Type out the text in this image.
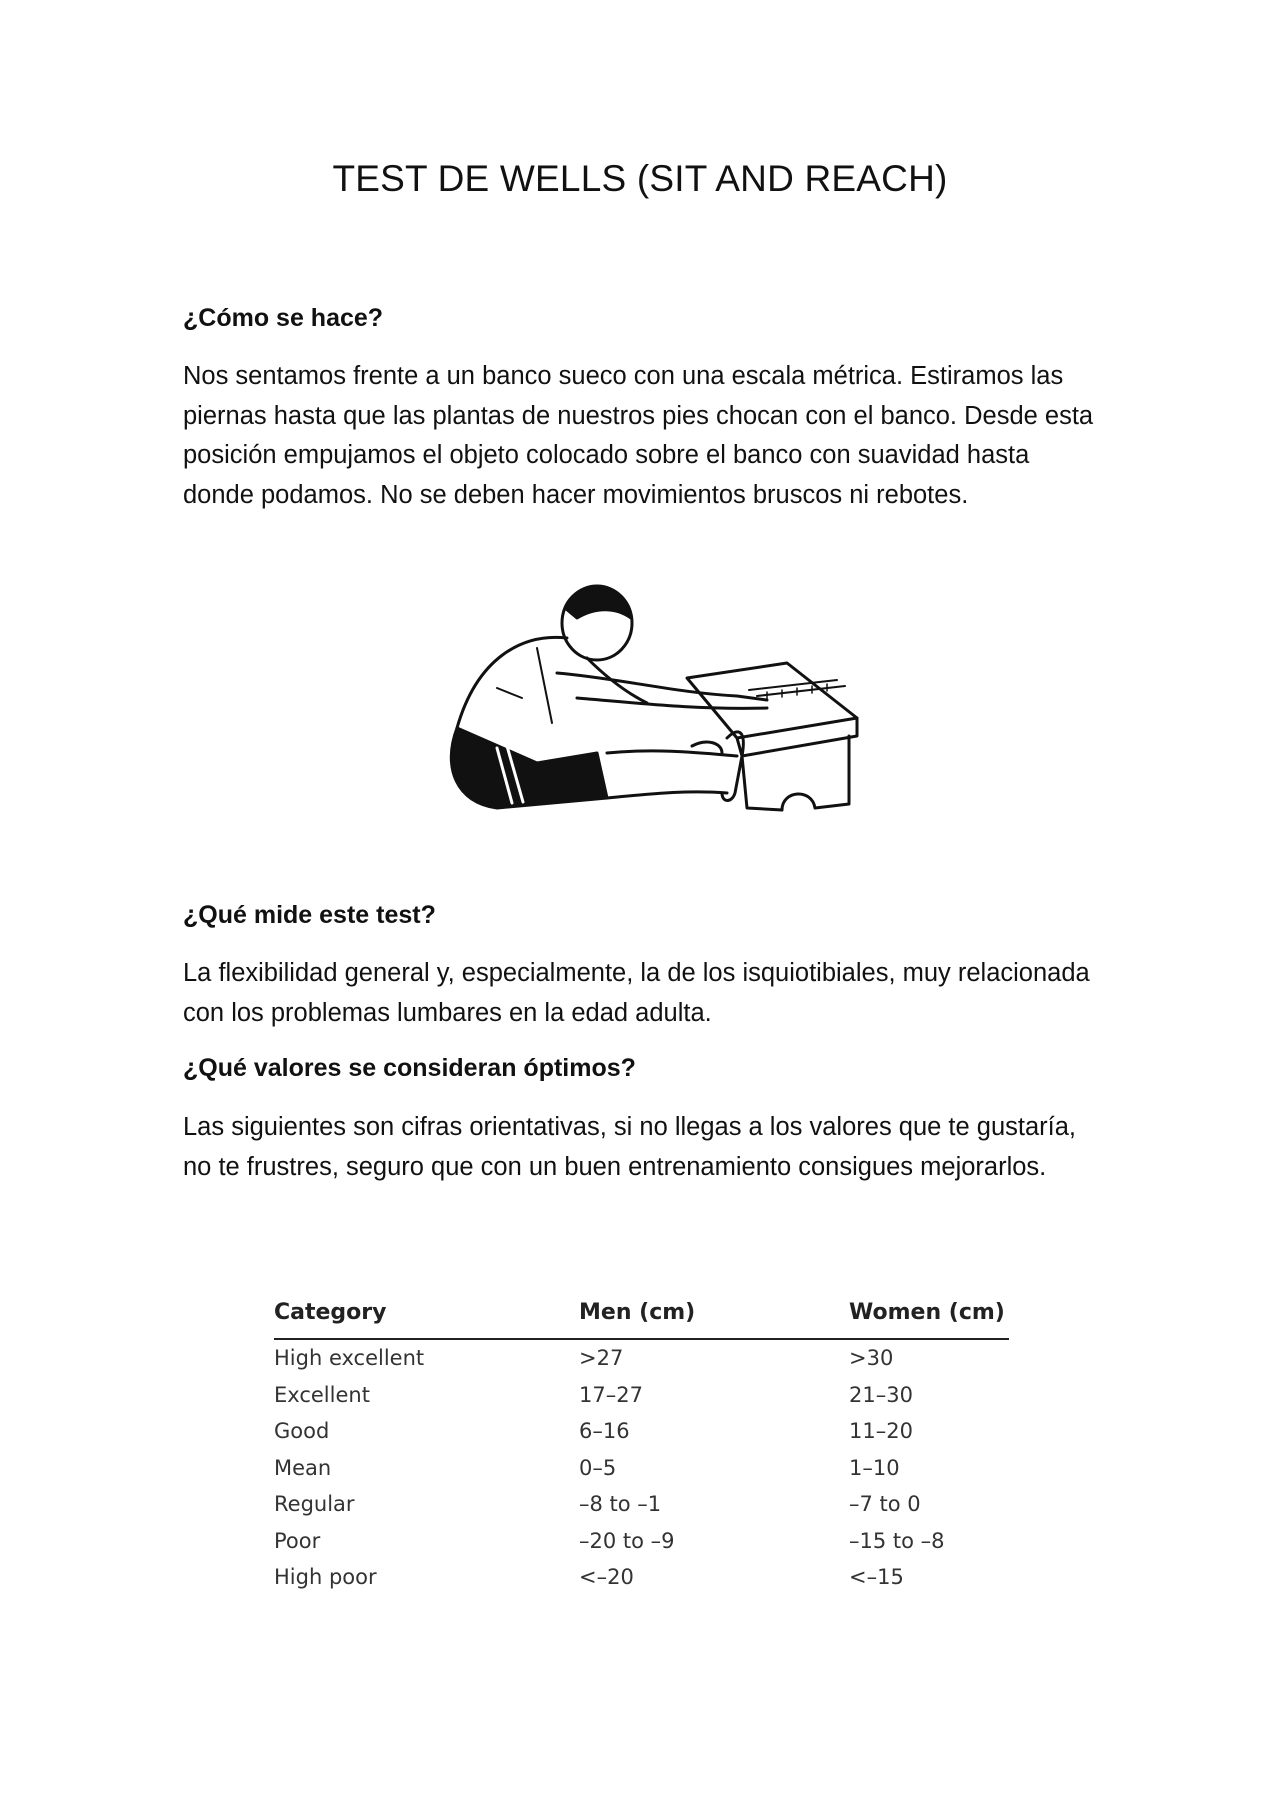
TEST DE WELLS (SIT AND REACH)
¿Cómo se hace?
Nos sentamos frente a un banco sueco con una escala métrica. Estiramos las piernas hasta que las plantas de nuestros pies chocan con el banco. Desde esta posición empujamos el objeto colocado sobre el banco con suavidad hasta donde podamos. No se deben hacer movimientos bruscos ni rebotes.
¿Qué mide este test?
La flexibilidad general y, especialmente, la de los isquiotibiales, muy relacionada con los problemas lumbares en la edad adulta.
¿Qué valores se consideran óptimos?
Las siguientes son cifras orientativas, si no llegas a los valores que te gustaría, no te frustres, seguro que con un buen entrenamiento consigues mejorarlos.
Category	Men (cm)	Women (cm)
High excellent	>27	>30
Excellent	17–27	21–30
Good	6–16	11–20
Mean	0–5	1–10
Regular	–8 to –1	–7 to 0
Poor	–20 to –9	–15 to –8
High poor	<–20	<–15
